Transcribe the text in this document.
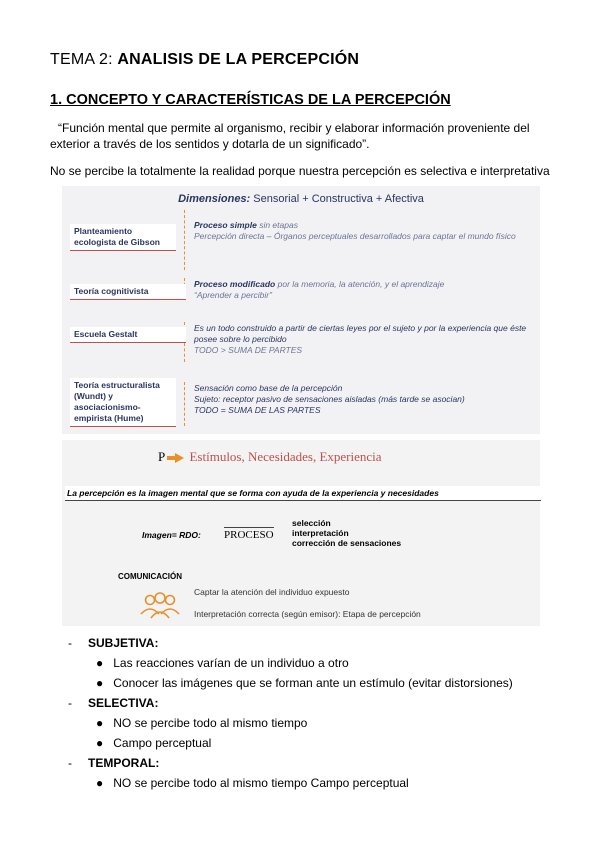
TEMA 2: ANALISIS DE LA PERCEPCIÓN
1. CONCEPTO Y CARACTERÍSTICAS DE LA PERCEPCIÓN
“Función mental que permite al organismo, recibir y elaborar información proveniente del exterior a través de los sentidos y dotarla de un significado”.
No se percibe la totalmente la realidad porque nuestra percepción es selectiva e interpretativa
Dimensiones: Sensorial + Constructiva + Afectiva
Planteamiento ecologista de Gibson
Proceso simple sin etapas
Percepción directa – Órganos perceptuales desarrollados para captar el mundo físico
Teoría cognitivista
Proceso modificado por la memoria, la atención, y el aprendizaje
“Aprender a percibir”
Escuela Gestalt
Es un todo construido a partir de ciertas leyes por el sujeto y por la experiencia que éste posee sobre lo percibido
TODO > SUMA DE PARTES
Teoría estructuralista (Wundt) y asociacionismo-empirista (Hume)
Sensación como base de la percepción
Sujeto: receptor pasivo de sensaciones aisladas (más tarde se asocian)
TODO = SUMA DE LAS PARTES
P Estímulos, Necesidades, Experiencia
La percepción es la imagen mental que se forma con ayuda de la experiencia y necesidades
Imagen= RDO: PROCESO
selección
interpretación
corrección de sensaciones
COMUNICACIÓN
Captar la atención del individuo expuesto
Interpretación correcta (según emisor): Etapa de percepción
- SUBJETIVA:
● Las reacciones varían de un individuo a otro
● Conocer las imágenes que se forman ante un estímulo (evitar distorsiones)
- SELECTIVA:
● NO se percibe todo al mismo tiempo
● Campo perceptual
- TEMPORAL:
● NO se percibe todo al mismo tiempo Campo perceptual
